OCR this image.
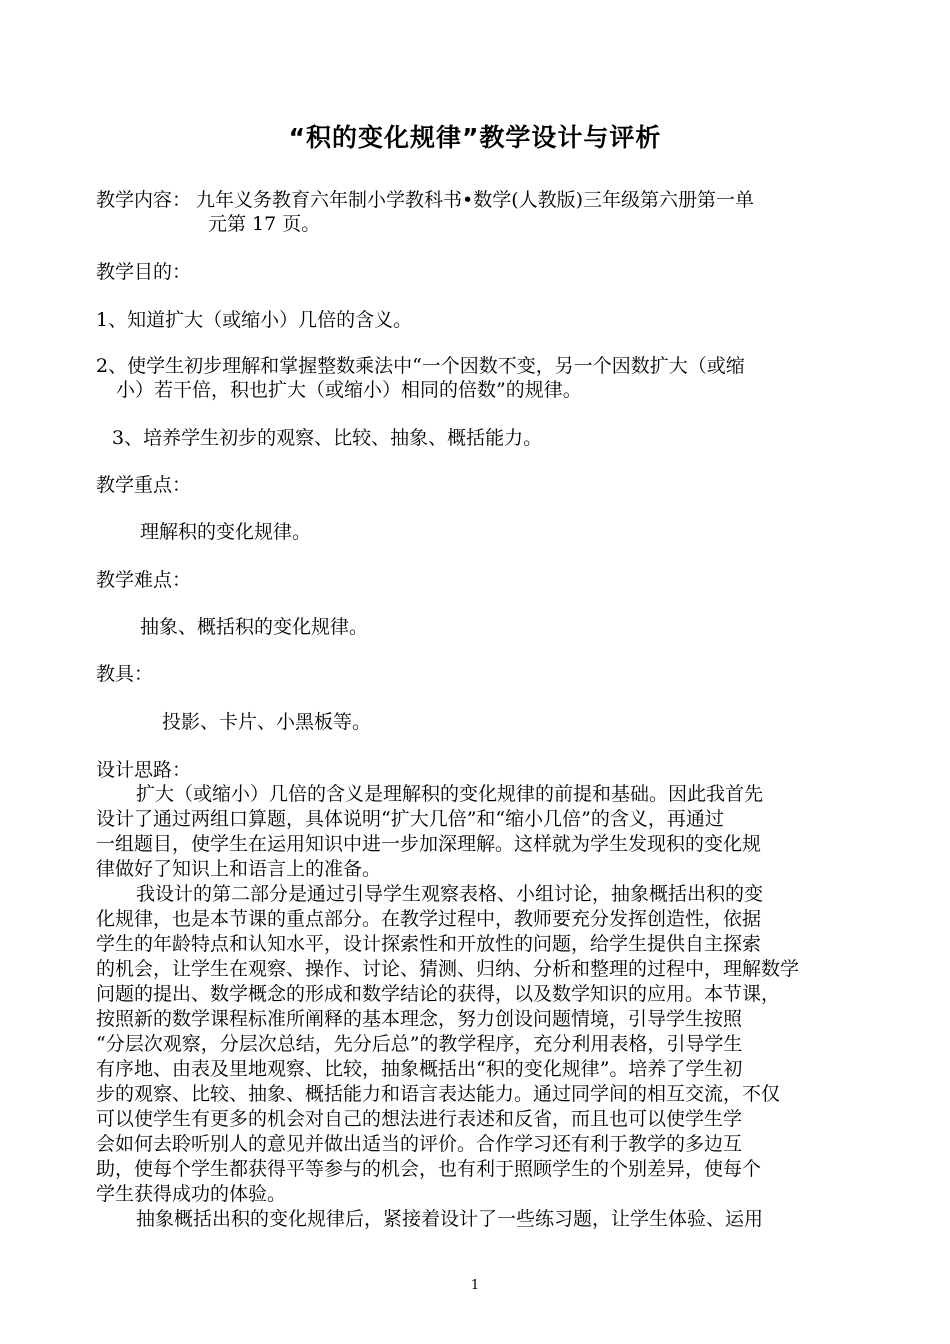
“积的变化规律”教学设计与评析
教学内容： 九年义务教育六年制小学教科书•数学(人教版)三年级第六册第一单
元第 17 页。
教学目的：
1、知道扩大（或缩小）几倍的含义。
2、使学生初步理解和掌握整数乘法中“一个因数不变，另一个因数扩大（或缩
小）若干倍，积也扩大（或缩小）相同的倍数”的规律。
3、培养学生初步的观察、比较、抽象、概括能力。
教学重点：
理解积的变化规律。
教学难点：
抽象、概括积的变化规律。
教具：
投影、卡片、小黑板等。
设计思路：
扩大（或缩小）几倍的含义是理解积的变化规律的前提和基础。因此我首先
设计了通过两组口算题，具体说明“扩大几倍”和“缩小几倍”的含义，再通过
一组题目，使学生在运用知识中进一步加深理解。这样就为学生发现积的变化规
律做好了知识上和语言上的准备。
我设计的第二部分是通过引导学生观察表格、小组讨论，抽象概括出积的变
化规律，也是本节课的重点部分。在教学过程中，教师要充分发挥创造性，依据
学生的年龄特点和认知水平，设计探索性和开放性的问题，给学生提供自主探索
的机会，让学生在观察、操作、讨论、猜测、归纳、分析和整理的过程中，理解数学
问题的提出、数学概念的形成和数学结论的获得，以及数学知识的应用。本节课，
按照新的数学课程标准所阐释的基本理念，努力创设问题情境，引导学生按照
“分层次观察，分层次总结，先分后总”的教学程序，充分利用表格，引导学生
有序地、由表及里地观察、比较，抽象概括出“积的变化规律”。培养了学生初
步的观察、比较、抽象、概括能力和语言表达能力。通过同学间的相互交流，不仅
可以使学生有更多的机会对自己的想法进行表述和反省，而且也可以使学生学
会如何去聆听别人的意见并做出适当的评价。合作学习还有利于教学的多边互
助，使每个学生都获得平等参与的机会，也有利于照顾学生的个别差异，使每个
学生获得成功的体验。
抽象概括出积的变化规律后，紧接着设计了一些练习题，让学生体验、运用
1
